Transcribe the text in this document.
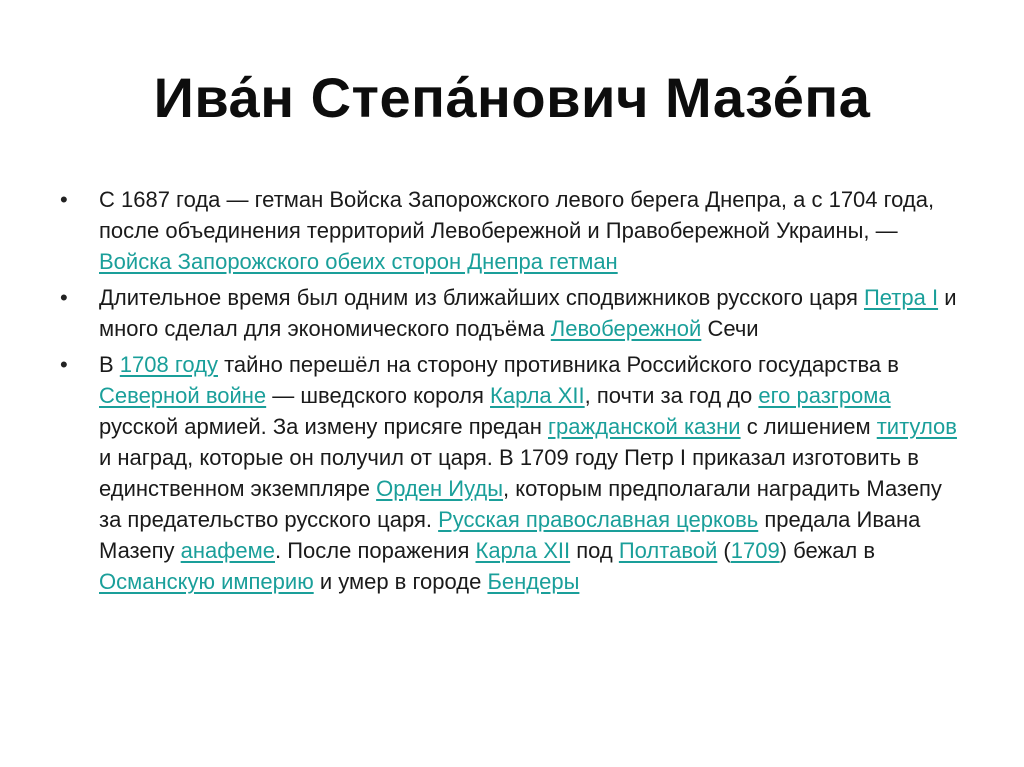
Ива́н Степа́нович Мазе́па
•	С 1687 года — гетман Войска Запорожского левого берега Днепра, а с 1704 года, после объединения территорий Левобережной и Правобережной Украины, — Войска Запорожского обеих сторон Днепра гетман
•	Длительное время был одним из ближайших сподвижников русского царя Петра I и много сделал для экономического подъёма Левобережной Сечи
•	В 1708 году тайно перешёл на сторону противника Российского государства в Северной войне — шведского короля Карла XII, почти за год до его разгрома русской армией. За измену присяге предан гражданской казни с лишением титулов и наград, которые он получил от царя. В 1709 году Петр I приказал изготовить в единственном экземпляре Орден Иуды, которым предполагали наградить Мазепу за предательство русского царя. Русская православная церковь предала Ивана Мазепу анафеме. После поражения Карла XII под Полтавой (1709) бежал в Османскую империю и умер в городе Бендеры
